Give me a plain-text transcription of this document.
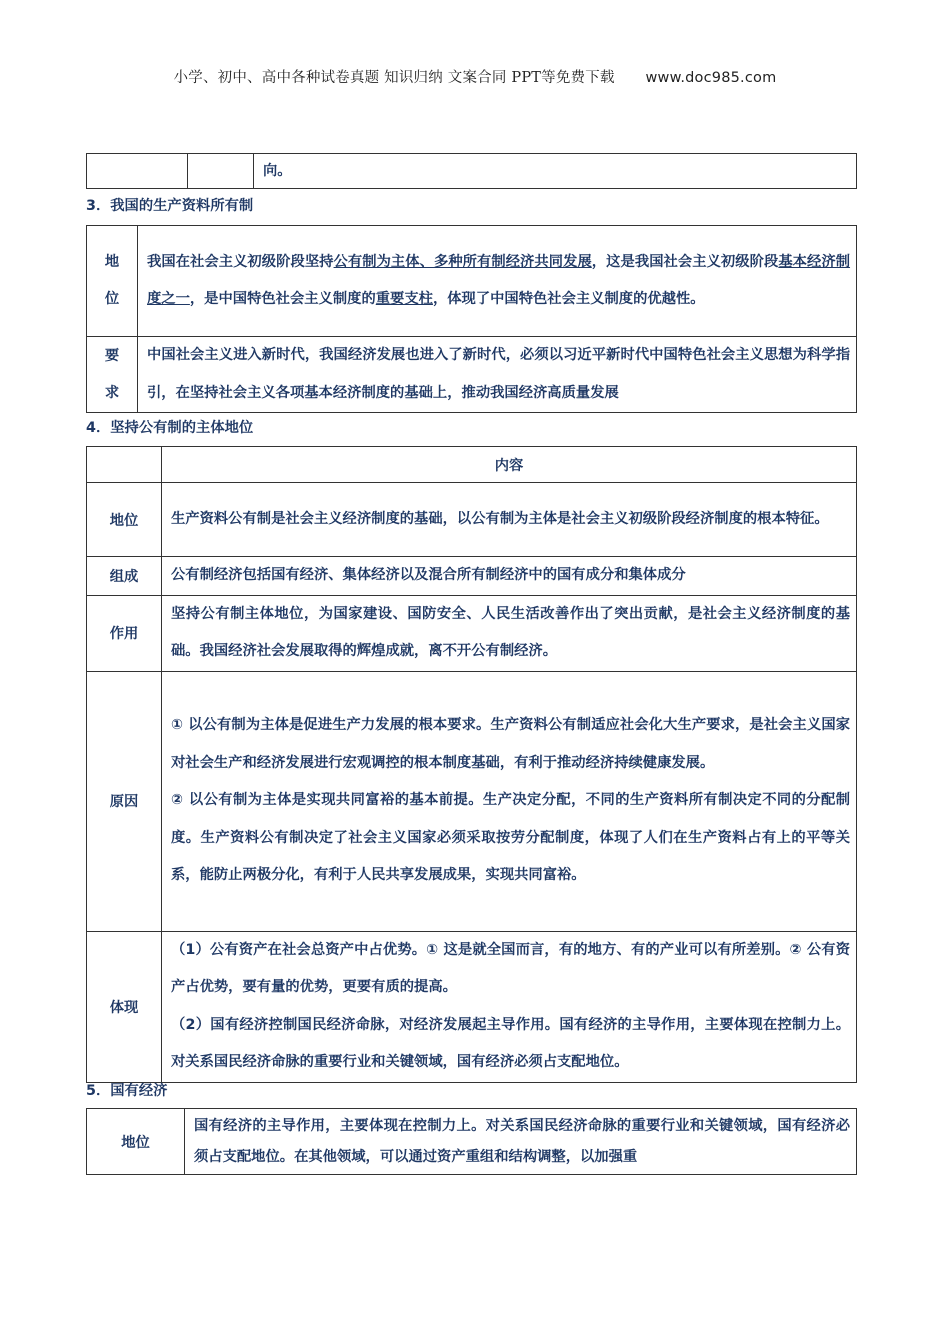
小学、初中、高中各种试卷真题 知识归纳 文案合同 PPT等免费下载 www.doc985.com
		向。
3．我国的生产资料所有制
地
位	我国在社会主义初级阶段坚持公有制为主体、多种所有制经济共同发展，这是我国社会主义初级阶段基本经济制度之一，是中国特色社会主义制度的重要支柱，体现了中国特色社会主义制度的优越性。

要
求	中国社会主义进入新时代，我国经济发展也进入了新时代，必须以习近平新时代中国特色社会主义思想为科学指引，在坚持社会主义各项基本经济制度的基础上，推动我国经济高质量发展
4．坚持公有制的主体地位
	内容
地位	生产资料公有制是社会主义经济制度的基础，以公有制为主体是社会主义初级阶段经济制度的根本特征。

组成	公有制经济包括国有经济、集体经济以及混合所有制经济中的国有成分和集体成分

作用	坚持公有制主体地位，为国家建设、国防安全、人民生活改善作出了突出贡献，是社会主义经济制度的基础。我国经济社会发展取得的辉煌成就，离不开公有制经济。

原因	① 以公有制为主体是促进生产力发展的根本要求。生产资料公有制适应社会化大生产要求，是社会主义国家对社会生产和经济发展进行宏观调控的根本制度基础，有利于推动经济持续健康发展。
② 以公有制为主体是实现共同富裕的基本前提。生产决定分配，不同的生产资料所有制决定不同的分配制度。生产资料公有制决定了社会主义国家必须采取按劳分配制度，体现了人们在生产资料占有上的平等关系，能防止两极分化，有利于人民共享发展成果，实现共同富裕。

体现	（1）公有资产在社会总资产中占优势。① 这是就全国而言，有的地方、有的产业可以有所差别。② 公有资产占优势，要有量的优势，更要有质的提高。
（2）国有经济控制国民经济命脉，对经济发展起主导作用。国有经济的主导作用，主要体现在控制力上。对关系国民经济命脉的重要行业和关键领域，国有经济必须占支配地位。
5．国有经济
地位	国有经济的主导作用，主要体现在控制力上。对关系国民经济命脉的重要行业和关键领域，国有经济必须占支配地位。在其他领域，可以通过资产重组和结构调整，以加强重
